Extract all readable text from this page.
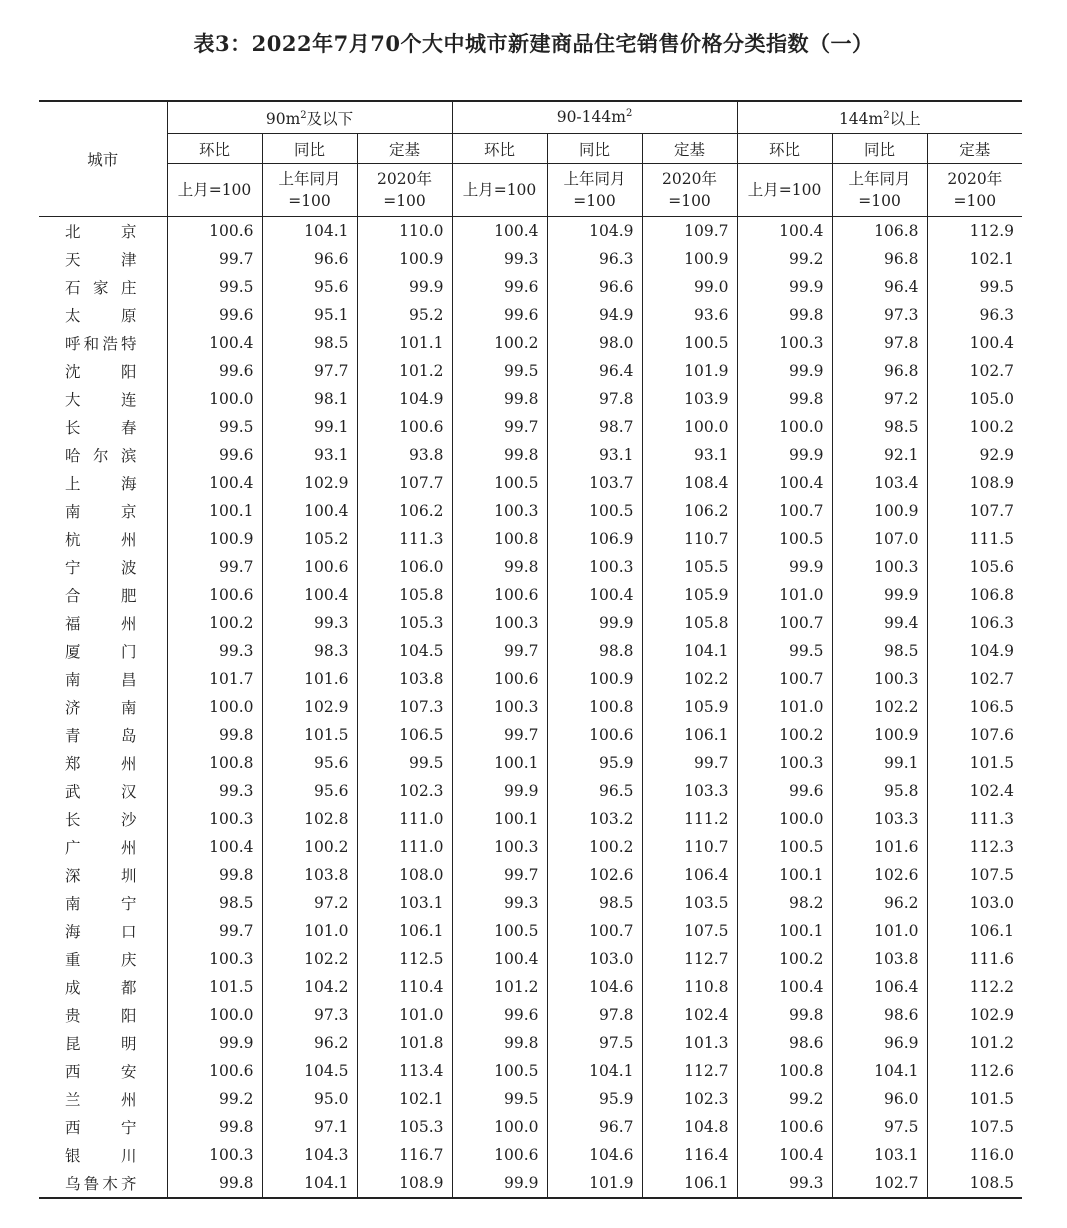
表3：2022年7月70个大中城市新建商品住宅销售价格分类指数（一）
城市	$90m^2$及以下			$90-144m^2$			$144m^2$以上		
	环比	同比	定基	环比	同比	定基	环比	同比	定基
	上月=100	上年同月=100	2020年=100	上月=100	上年同月=100	2020年=100	上月=100	上年同月=100	2020年=100
北京	100.6	104.1	110.0	100.4	104.9	109.7	100.4	106.8	112.9
天津	99.7	96.6	100.9	99.3	96.3	100.9	99.2	96.8	102.1
石家庄	99.5	95.6	99.9	99.6	96.6	99.0	99.9	96.4	99.5
太原	99.6	95.1	95.2	99.6	94.9	93.6	99.8	97.3	96.3
呼和浩特	100.4	98.5	101.1	100.2	98.0	100.5	100.3	97.8	100.4
沈阳	99.6	97.7	101.2	99.5	96.4	101.9	99.9	96.8	102.7
大连	100.0	98.1	104.9	99.8	97.8	103.9	99.8	97.2	105.0
长春	99.5	99.1	100.6	99.7	98.7	100.0	100.0	98.5	100.2
哈尔滨	99.6	93.1	93.8	99.8	93.1	93.1	99.9	92.1	92.9
上海	100.4	102.9	107.7	100.5	103.7	108.4	100.4	103.4	108.9
南京	100.1	100.4	106.2	100.3	100.5	106.2	100.7	100.9	107.7
杭州	100.9	105.2	111.3	100.8	106.9	110.7	100.5	107.0	111.5
宁波	99.7	100.6	106.0	99.8	100.3	105.5	99.9	100.3	105.6
合肥	100.6	100.4	105.8	100.6	100.4	105.9	101.0	99.9	106.8
福州	100.2	99.3	105.3	100.3	99.9	105.8	100.7	99.4	106.3
厦门	99.3	98.3	104.5	99.7	98.8	104.1	99.5	98.5	104.9
南昌	101.7	101.6	103.8	100.6	100.9	102.2	100.7	100.3	102.7
济南	100.0	102.9	107.3	100.3	100.8	105.9	101.0	102.2	106.5
青岛	99.8	101.5	106.5	99.7	100.6	106.1	100.2	100.9	107.6
郑州	100.8	95.6	99.5	100.1	95.9	99.7	100.3	99.1	101.5
武汉	99.3	95.6	102.3	99.9	96.5	103.3	99.6	95.8	102.4
长沙	100.3	102.8	111.0	100.1	103.2	111.2	100.0	103.3	111.3
广州	100.4	100.2	111.0	100.3	100.2	110.7	100.5	101.6	112.3
深圳	99.8	103.8	108.0	99.7	102.6	106.4	100.1	102.6	107.5
南宁	98.5	97.2	103.1	99.3	98.5	103.5	98.2	96.2	103.0
海口	99.7	101.0	106.1	100.5	100.7	107.5	100.1	101.0	106.1
重庆	100.3	102.2	112.5	100.4	103.0	112.7	100.2	103.8	111.6
成都	101.5	104.2	110.4	101.2	104.6	110.8	100.4	106.4	112.2
贵阳	100.0	97.3	101.0	99.6	97.8	102.4	99.8	98.6	102.9
昆明	99.9	96.2	101.8	99.8	97.5	101.3	98.6	96.9	101.2
西安	100.6	104.5	113.4	100.5	104.1	112.7	100.8	104.1	112.6
兰州	99.2	95.0	102.1	99.5	95.9	102.3	99.2	96.0	101.5
西宁	99.8	97.1	105.3	100.0	96.7	104.8	100.6	97.5	107.5
银川	100.3	104.3	116.7	100.6	104.6	116.4	100.4	103.1	116.0
乌鲁木齐	99.8	104.1	108.9	99.9	101.9	106.1	99.3	102.7	108.5
